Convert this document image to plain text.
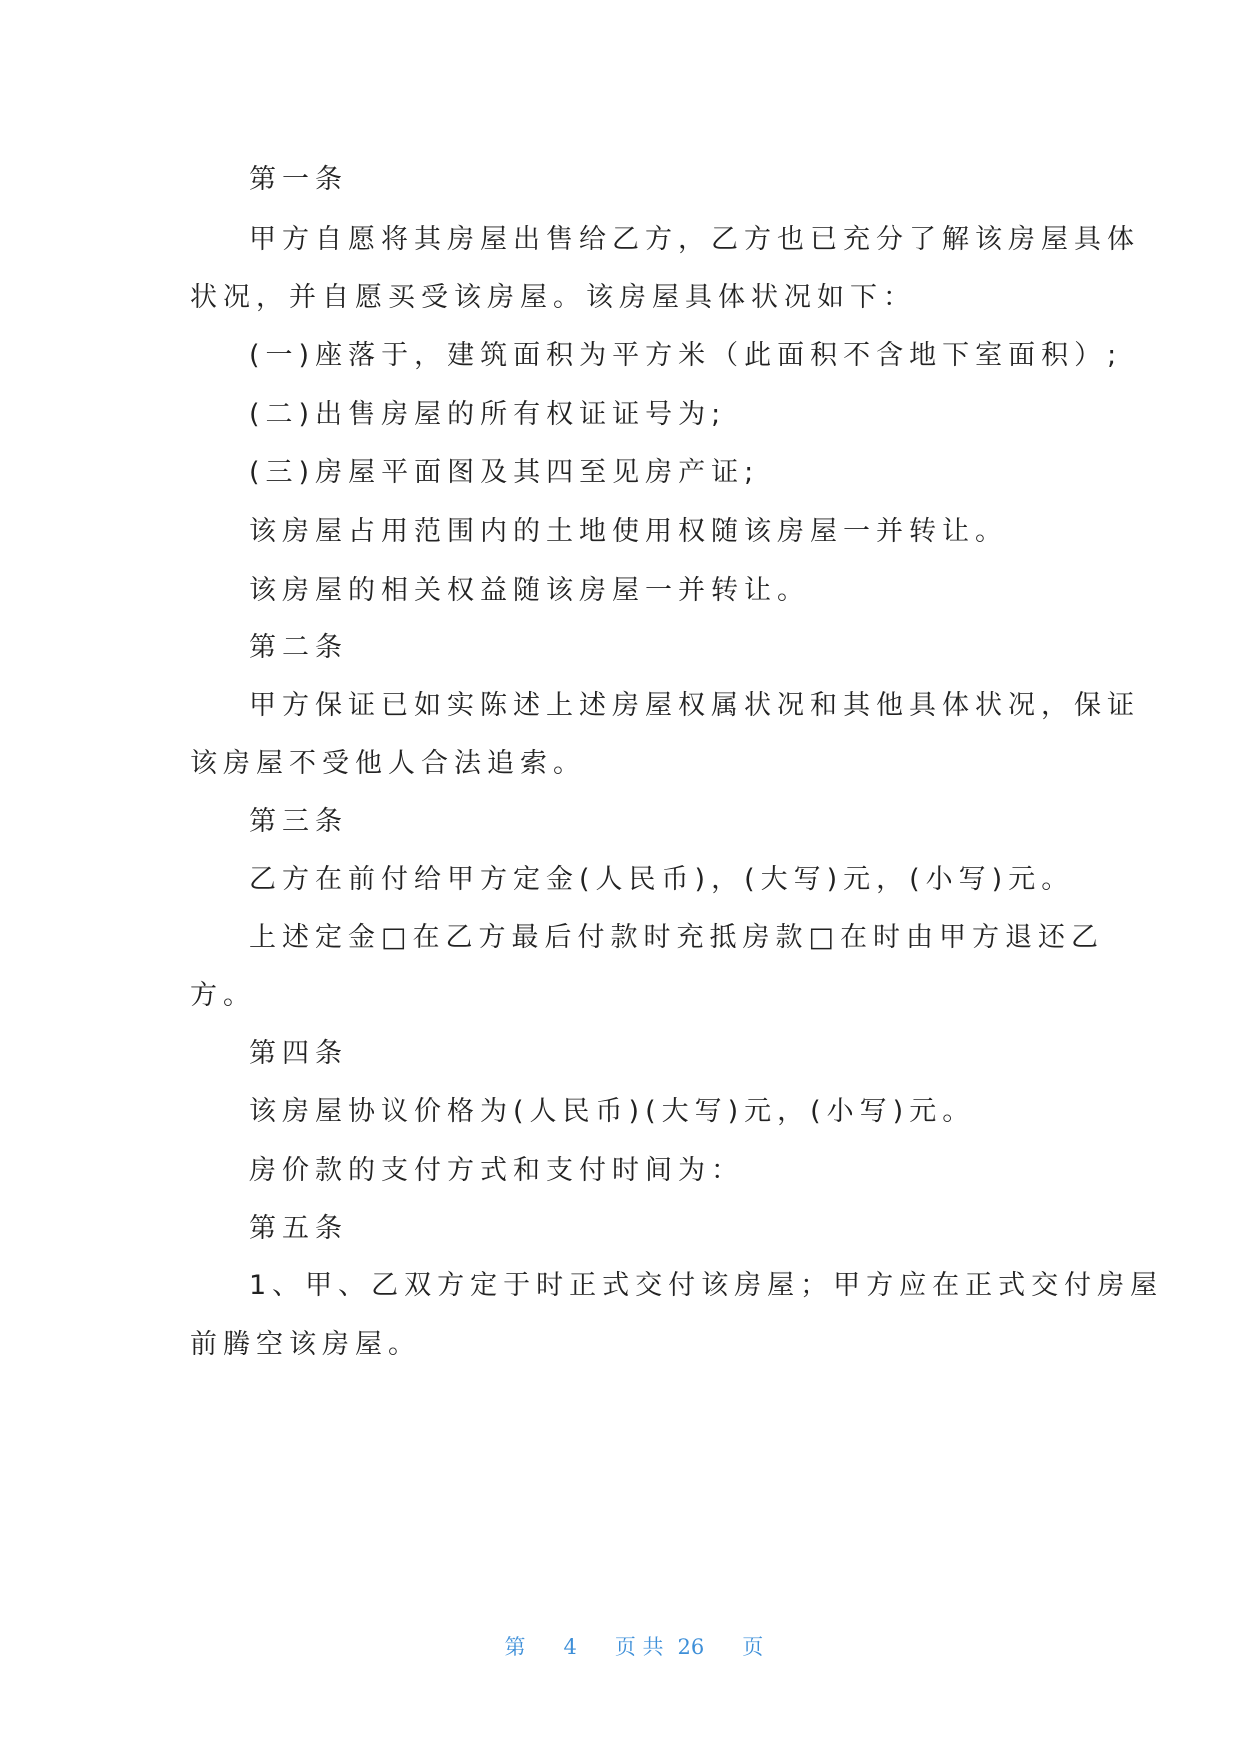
第一条
甲方自愿将其房屋出售给乙方，乙方也已充分了解该房屋具体
状况，并自愿买受该房屋。该房屋具体状况如下：
(一)座落于，建筑面积为平方米（此面积不含地下室面积）;
(二)出售房屋的所有权证证号为;
(三)房屋平面图及其四至见房产证;
该房屋占用范围内的土地使用权随该房屋一并转让。
该房屋的相关权益随该房屋一并转让。
第二条
甲方保证已如实陈述上述房屋权属状况和其他具体状况，保证
该房屋不受他人合法追索。
第三条
乙方在前付给甲方定金(人民币)，(大写)元，(小写)元。
上述定金□在乙方最后付款时充抵房款□在时由甲方退还乙
方。
第四条
该房屋协议价格为(人民币)(大写)元，(小写)元。
房价款的支付方式和支付时间为：
第五条
1、甲、乙双方定于时正式交付该房屋；甲方应在正式交付房屋
前腾空该房屋。

第 4 页 共 26 页
